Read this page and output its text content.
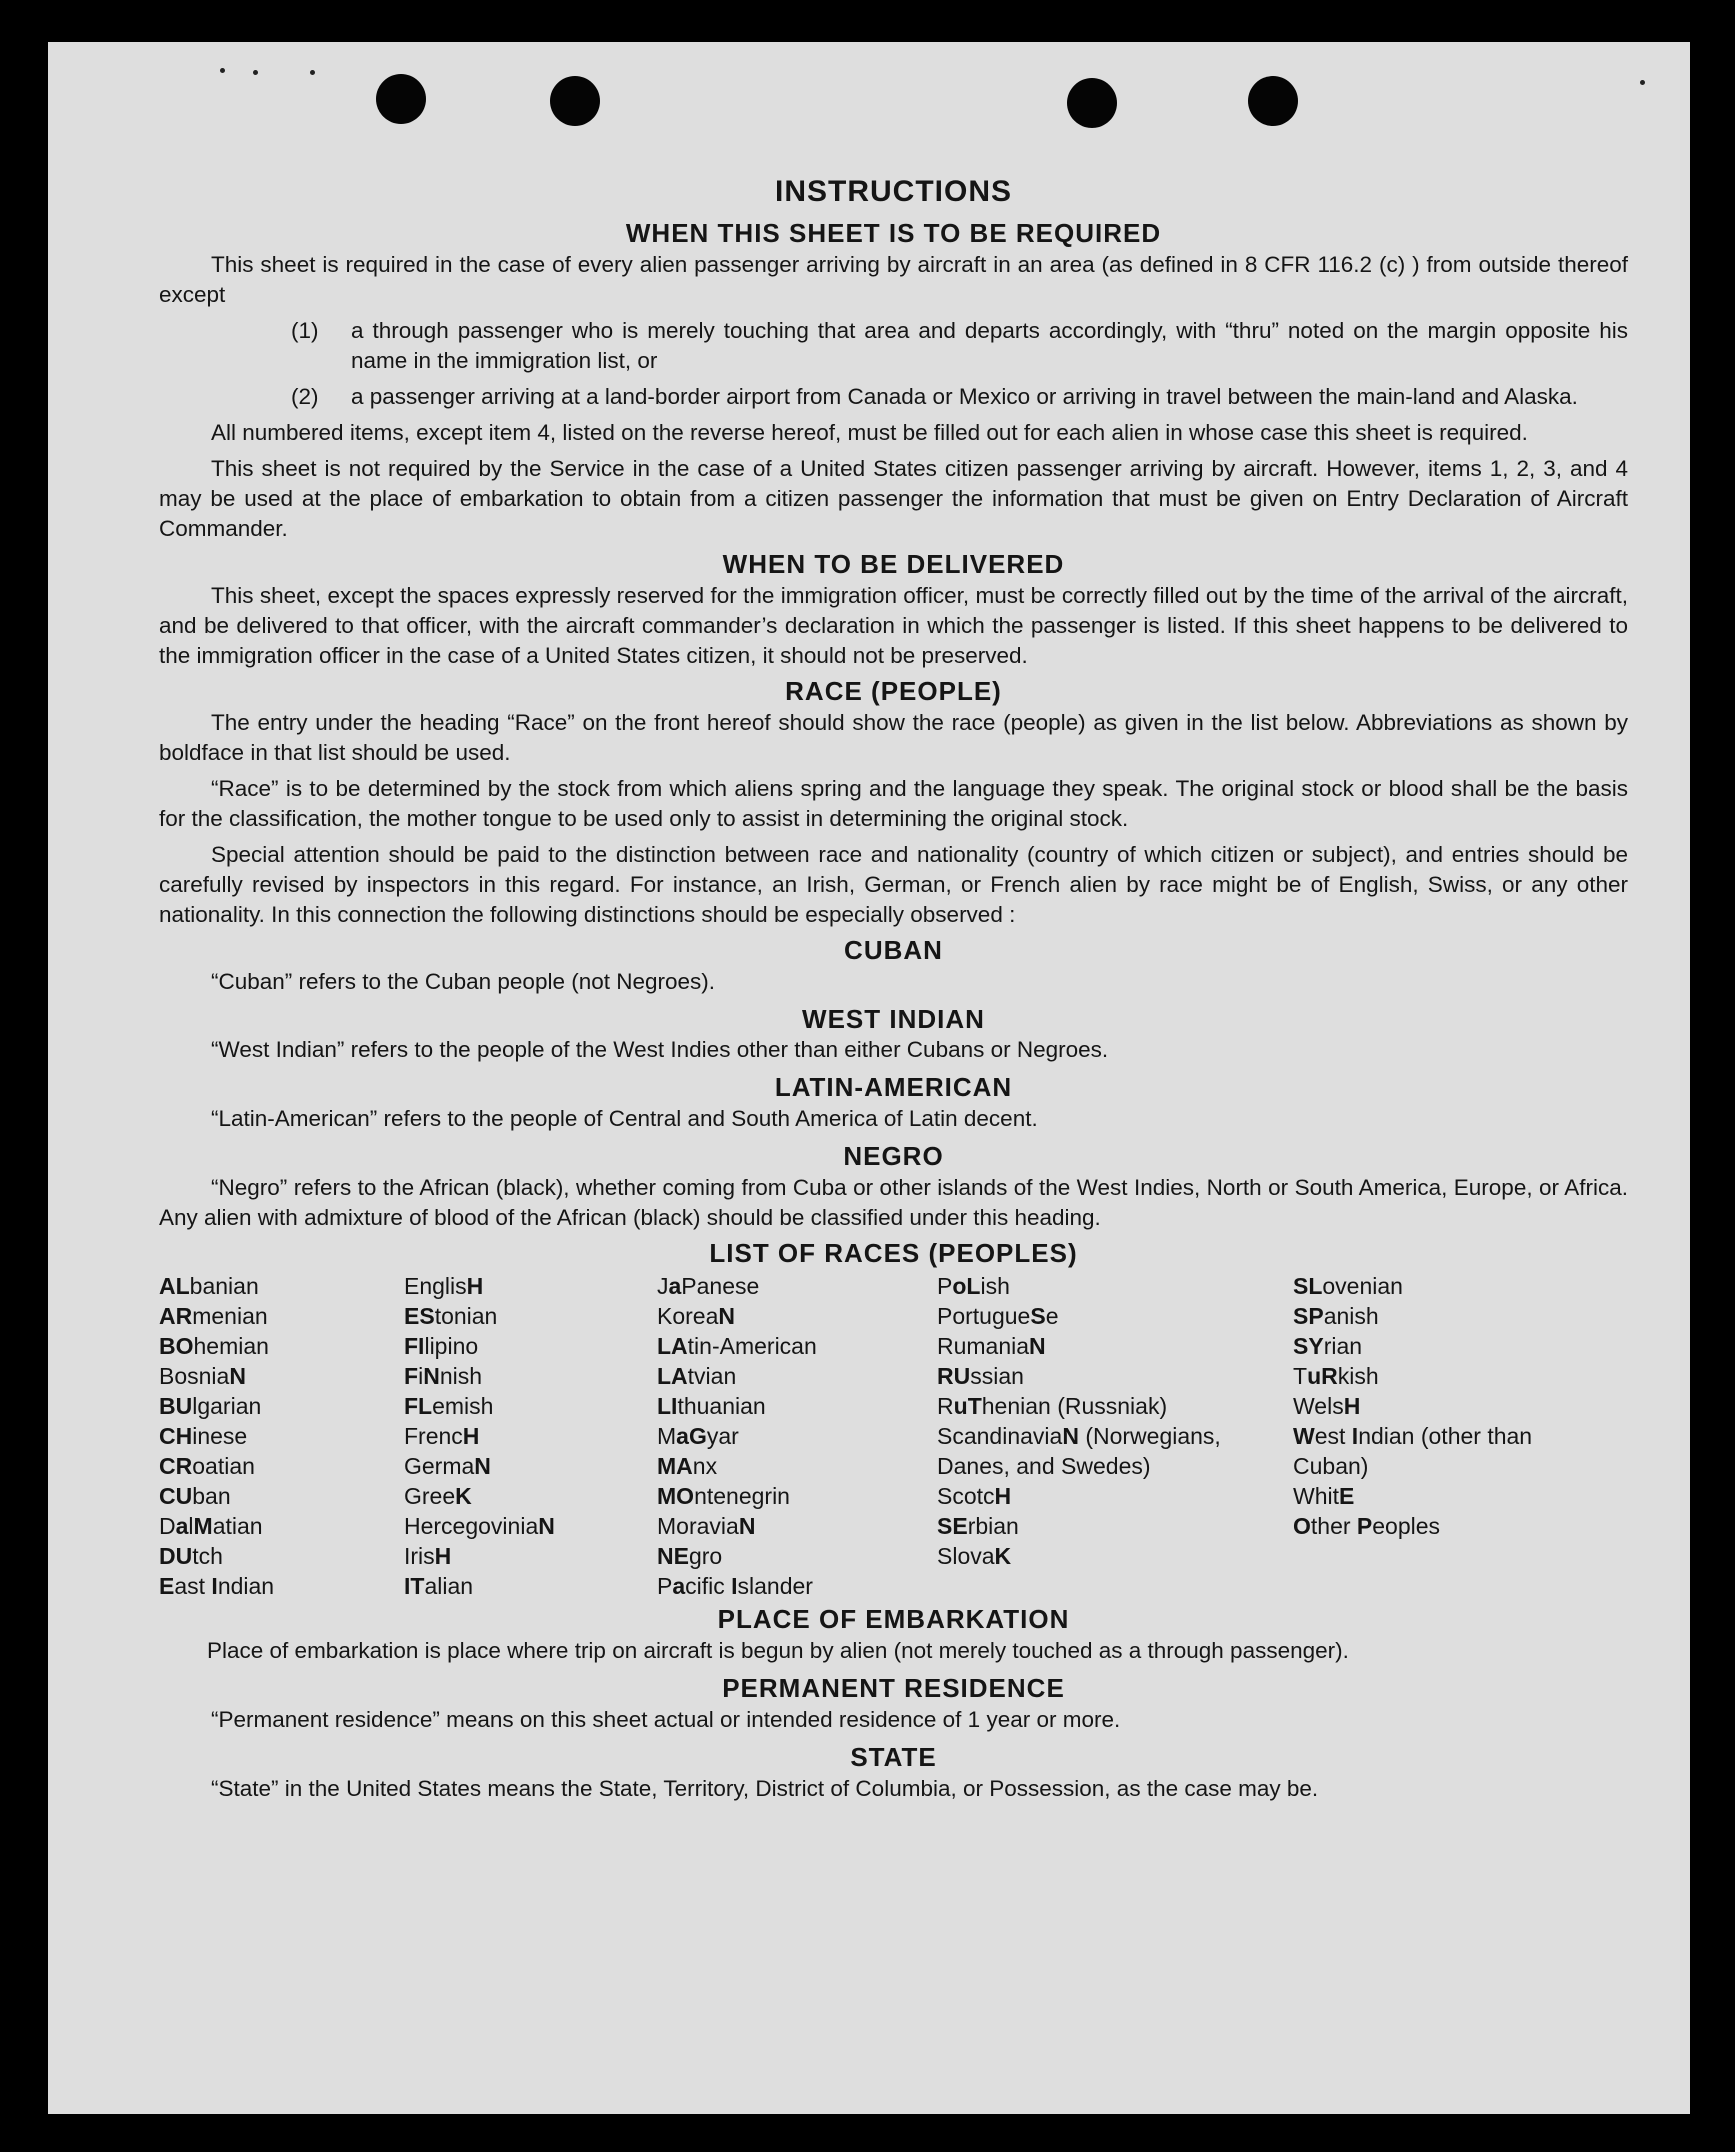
INSTRUCTIONS
WHEN THIS SHEET IS TO BE REQUIRED

This sheet is required in the case of every alien passenger arriving by aircraft in an area (as defined in 8 CFR 116.2 (c) ) from outside thereof except

(1)	a through passenger who is merely touching that area and departs accordingly, with “thru” noted on the margin opposite his name in the immigration list, or
(2)	a passenger arriving at a land-border airport from Canada or Mexico or arriving in travel between the main-land and Alaska.

All numbered items, except item 4, listed on the reverse hereof, must be filled out for each alien in whose case this sheet is required.

This sheet is not required by the Service in the case of a United States citizen passenger arriving by aircraft. However, items 1, 2, 3, and 4 may be used at the place of embarkation to obtain from a citizen passenger the information that must be given on Entry Declaration of Aircraft Commander.

WHEN TO BE DELIVERED

This sheet, except the spaces expressly reserved for the immigration officer, must be correctly filled out by the time of the arrival of the aircraft, and be delivered to that officer, with the aircraft commander’s declaration in which the passenger is listed. If this sheet happens to be delivered to the immigration officer in the case of a United States citizen, it should not be preserved.

RACE (PEOPLE)

The entry under the heading “Race” on the front hereof should show the race (people) as given in the list below. Abbreviations as shown by boldface in that list should be used.

“Race” is to be determined by the stock from which aliens spring and the language they speak. The original stock or blood shall be the basis for the classification, the mother tongue to be used only to assist in determining the original stock.

Special attention should be paid to the distinction between race and nationality (country of which citizen or subject), and entries should be carefully revised by inspectors in this regard. For instance, an Irish, German, or French alien by race might be of English, Swiss, or any other nationality. In this connection the following distinctions should be especially observed :

CUBAN

“Cuban” refers to the Cuban people (not Negroes).

WEST INDIAN

“West Indian” refers to the people of the West Indies other than either Cubans or Negroes.

LATIN-AMERICAN

“Latin-American” refers to the people of Central and South America of Latin decent.

NEGRO

“Negro” refers to the African (black), whether coming from Cuba or other islands of the West Indies, North or South America, Europe, or Africa. Any alien with admixture of blood of the African (black) should be classified under this heading.

LIST OF RACES (PEOPLES)
ALbanian
ARmenian
BOhemian
BosniaN
BUlgarian
CHinese
CRoatian
CUban
DalMatian
DUtch
East Indian
EnglisH
EStonian
FIlipino
FiNnish
FLemish
FrencH
GermaN
GreeK
HercegoviniaN
IrisH
ITalian
JaPanese
KoreaN
LAtin-American
LAtvian
LIthuanian
MaGyar
MAnx
MOntenegrin
MoraviaN
NEgro
Pacific Islander
PoLish
PortugueSe
RumaniaN
RUssian
RuThenian (Russniak)
ScandinaviaN (Norwegians, Danes, and Swedes)
ScotcH
SErbian
SlovaK
SLovenian
SPanish
SYrian
TuRkish
WelsH
West Indian (other than Cuban)
WhitE
Other Peoples
PLACE OF EMBARKATION

Place of embarkation is place where trip on aircraft is begun by alien (not merely touched as a through passenger).

PERMANENT RESIDENCE

“Permanent residence” means on this sheet actual or intended residence of 1 year or more.

STATE

“State” in the United States means the State, Territory, District of Columbia, or Possession, as the case may be.
